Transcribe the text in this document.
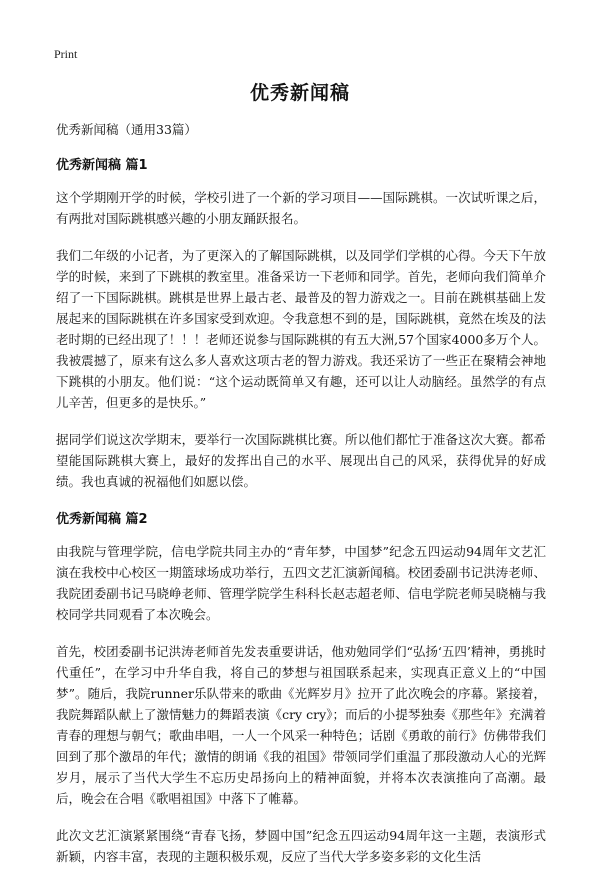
Print
优秀新闻稿
优秀新闻稿（通用33篇）
优秀新闻稿 篇1

这个学期刚开学的时候，学校引进了一个新的学习项目——国际跳棋。一次试听课之后，有两批对国际跳棋感兴趣的小朋友踊跃报名。

我们二年级的小记者，为了更深入的了解国际跳棋，以及同学们学棋的心得。今天下午放学的时候，来到了下跳棋的教室里。准备采访一下老师和同学。首先，老师向我们简单介绍了一下国际跳棋。跳棋是世界上最古老、最普及的智力游戏之一。目前在跳棋基础上发展起来的国际跳棋在许多国家受到欢迎。令我意想不到的是，国际跳棋，竟然在埃及的法老时期的已经出现了！！！老师还说参与国际跳棋的有五大洲,57个国家4000多万个人。我被震撼了，原来有这么多人喜欢这项古老的智力游戏。我还采访了一些正在聚精会神地下跳棋的小朋友。他们说：“这个运动既简单又有趣，还可以让人动脑经。虽然学的有点儿辛苦，但更多的是快乐。”

据同学们说这次学期末，要举行一次国际跳棋比赛。所以他们都忙于准备这次大赛。都希望能国际跳棋大赛上，最好的发挥出自己的水平、展现出自己的风采，获得优异的好成绩。我也真诚的祝福他们如愿以偿。

优秀新闻稿 篇2

由我院与管理学院，信电学院共同主办的“青年梦，中国梦”纪念五四运动94周年文艺汇演在我校中心校区一期篮球场成功举行，五四文艺汇演新闻稿。校团委副书记洪涛老师、我院团委副书记马晓峥老师、管理学院学生科科长赵志超老师、信电学院老师吴晓楠与我校同学共同观看了本次晚会。

首先，校团委副书记洪涛老师首先发表重要讲话，他劝勉同学们“弘扬‘五四’精神，勇挑时代重任”，在学习中升华自我，将自己的梦想与祖国联系起来，实现真正意义上的“中国梦”。随后，我院runner乐队带来的歌曲《光辉岁月》拉开了此次晚会的序幕。紧接着，我院舞蹈队献上了激情魅力的舞蹈表演《cry cry》；而后的小提琴独奏《那些年》充满着青春的理想与朝气；歌曲串唱，一人一个风采一种特色；话剧《勇敢的前行》仿佛带我们回到了那个激昂的年代；激情的朗诵《我的祖国》带领同学们重温了那段激动人心的光辉岁月，展示了当代大学生不忘历史昂扬向上的精神面貌，并将本次表演推向了高潮。最后，晚会在合唱《歌唱祖国》中落下了帷幕。

此次文艺汇演紧紧围绕“青春飞扬，梦圆中国”纪念五四运动94周年这一主题，表演形式新颖，内容丰富，表现的主题积极乐观，反应了当代大学多姿多彩的文化生活
